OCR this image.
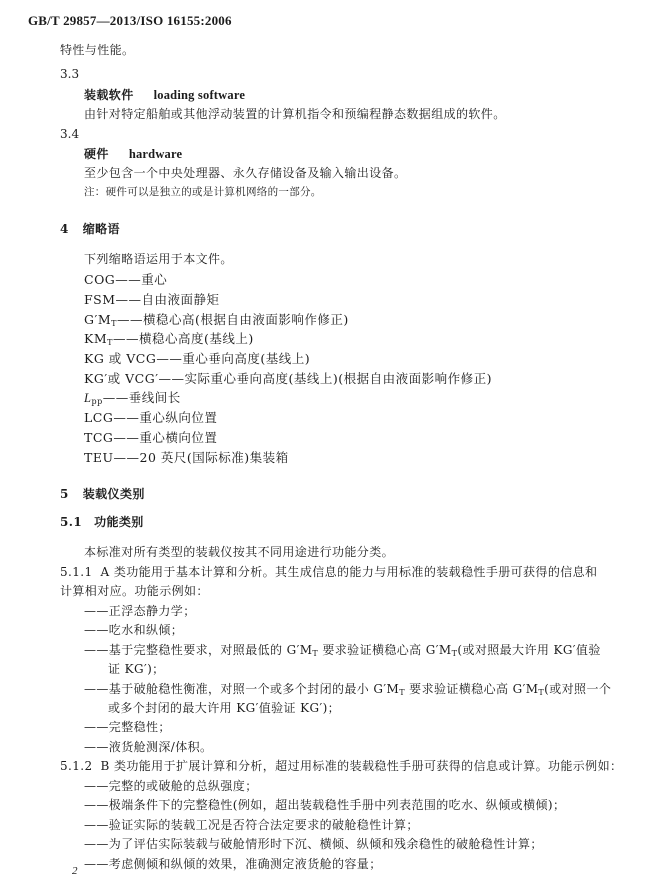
GB/T 29857—2013/ISO 16155:2006
特性与性能。
3.3
装载软件 loading software
由针对特定船舶或其他浮动装置的计算机指令和预编程静态数据组成的软件。
3.4
硬件 hardware
至少包含一个中央处理器、永久存储设备及输入输出设备。
注：硬件可以是独立的或是计算机网络的一部分。
4 缩略语
下列缩略语运用于本文件。
COG——重心
FSM——自由液面静矩
$G'M_T——$横稳心高(根据自由液面影响作修正)
$KM_T——$横稳心高度(基线上)
KG 或 VCG——重心垂向高度(基线上)
KG′或 VCG′——实际重心垂向高度(基线上)(根据自由液面影响作修正)
$L_{pp}——$垂线间长
LCG——重心纵向位置
TCG——重心横向位置
TEU——20 英尺(国际标准)集装箱
5 装载仪类别
5.1 功能类别
本标准对所有类型的装载仪按其不同用途进行功能分类。
5.1.1 A 类功能用于基本计算和分析。其生成信息的能力与用标准的装载稳性手册可获得的信息和
计算相对应。功能示例如：
——正浮态静力学；
——吃水和纵倾；
——基于完整稳性要求，对照最低的 $G'M_T$ 要求验证横稳心高 $G'M_T$(或对照最大许用 KG′值验
证 KG′)；
——基于破舱稳性衡准，对照一个或多个封闭的最小 $G'M_T$ 要求验证横稳心高 $G'M_T$(或对照一个
或多个封闭的最大许用 KG′值验证 KG′)；
——完整稳性；
——液货舱测深/体积。
5.1.2 B 类功能用于扩展计算和分析，超过用标准的装载稳性手册可获得的信息或计算。功能示例如：
——完整的或破舱的总纵强度；
——极端条件下的完整稳性(例如，超出装载稳性手册中列表范围的吃水、纵倾或横倾)；
——验证实际的装载工况是否符合法定要求的破舱稳性计算；
——为了评估实际装载与破舱情形时下沉、横倾、纵倾和残余稳性的破舱稳性计算；
——考虑侧倾和纵倾的效果，准确测定液货舱的容量；
2
